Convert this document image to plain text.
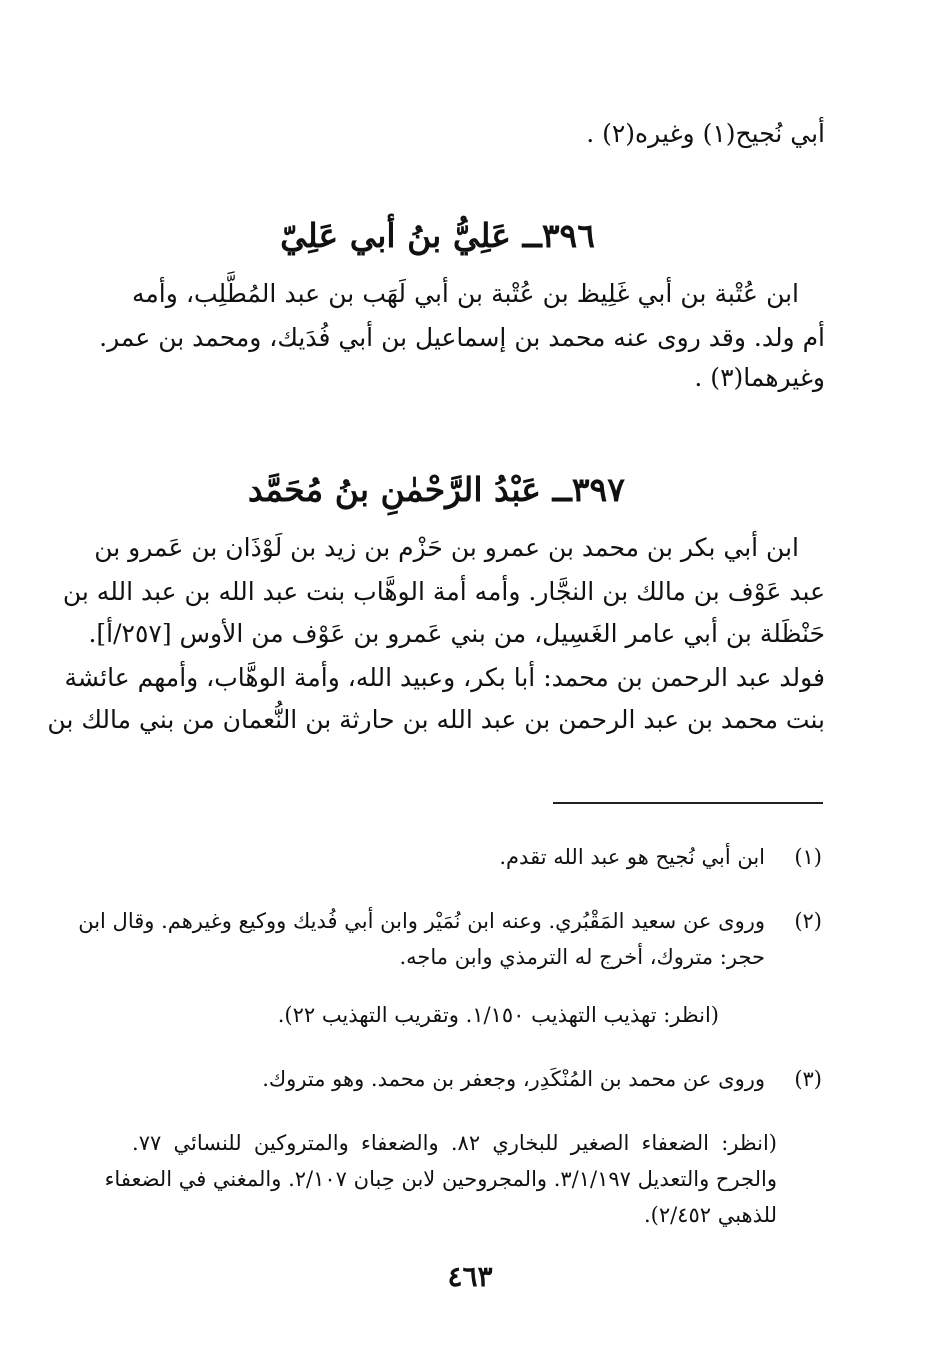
أبي نُجيح(١) وغيره(٢) .
٣٩٦ــ عَلِيُّ بنُ أبي عَلِيّ
ابن عُتْبة بن أبي غَلِيظ بن عُتْبة بن أبي لَهَب بن عبد المُطَّلِب، وأمه
أم ولد. وقد روى عنه محمد بن إسماعيل بن أبي فُدَيك، ومحمد بن عمر.
وغيرهما(٣) .
٣٩٧ــ عَبْدُ الرَّحْمٰنِ بنُ مُحَمَّد
ابن أبي بكر بن محمد بن عمرو بن حَزْم بن زيد بن لَوْذَان بن عَمرو بن
عبد عَوْف بن مالك بن النجَّار. وأمه أمة الوهَّاب بنت عبد الله بن عبد الله بن
حَنْظَلة بن أبي عامر الغَسِيل، من بني عَمرو بن عَوْف من الأوس [٢٥٧/أ].
فولد عبد الرحمن بن محمد: أبا بكر، وعبيد الله، وأمة الوهَّاب، وأمهم عائشة
بنت محمد بن عبد الرحمن بن عبد الله بن حارثة بن النُّعمان من بني مالك بن
(١)
ابن أبي نُجيح هو عبد الله تقدم.
(٢)
وروى عن سعيد المَقْبُري. وعنه ابن نُمَيْر وابن أبي فُديك ووكيع وغيرهم. وقال ابن
حجر: متروك، أخرج له الترمذي وابن ماجه.
(انظر: تهذيب التهذيب ١/١٥٠. وتقريب التهذيب ٢٢).
(٣)
وروى عن محمد بن المُنْكَدِر، وجعفر بن محمد. وهو متروك.
(انظر: الضعفاء الصغير للبخاري ٨٢. والضعفاء والمتروكين للنسائي ٧٧.
والجرح والتعديل ٣/١/١٩٧. والمجروحين لابن حِبان ٢/١٠٧. والمغني في الضعفاء
للذهبي ٢/٤٥٢).
٤٦٣
